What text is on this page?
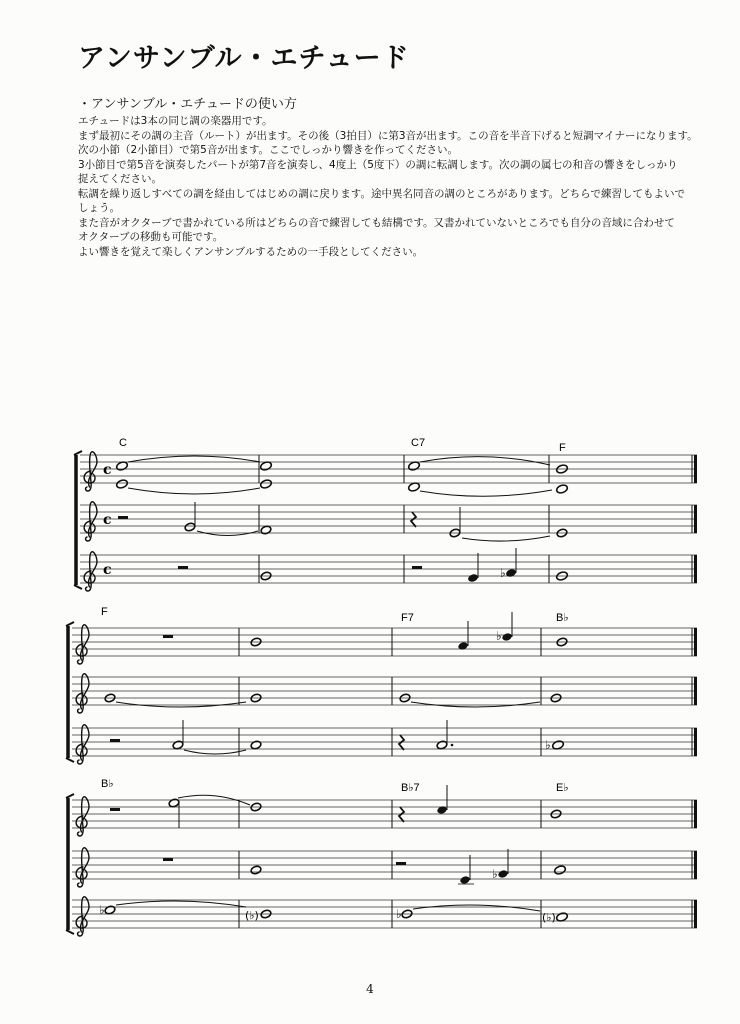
アンサンブル・エチュード

・アンサンブル・エチュードの使い方

エチュードは3本の同じ調の楽器用です。

まず最初にその調の主音（ルート）が出ます。その後（3拍目）に第3音が出ます。この音を半音下げると短調マイナーになります。

次の小節（2小節目）で第5音が出ます。ここでしっかり響きを作ってください。

3小節目で第5音を演奏したパートが第7音を演奏し、4度上（5度下）の調に転調します。次の調の属七の和音の響きをしっかり

捉えてください。

転調を繰り返しすべての調を経由してはじめの調に戻ります。途中異名同音の調のところがあります。どちらで練習してもよいで

しょう。

また音がオクターブで書かれている所はどちらの音で練習しても結構です。又書かれていないところでも自分の音域に合わせて

オクターブの移動も可能です。

よい響きを覚えて楽しくアンサンブルするための一手段としてください。

C	C7	F
c
c
c	♭
F	F7	B♭
♭
♭
B♭	B♭7	E♭
♭
♭	(♭)	♭	(♭)
4
